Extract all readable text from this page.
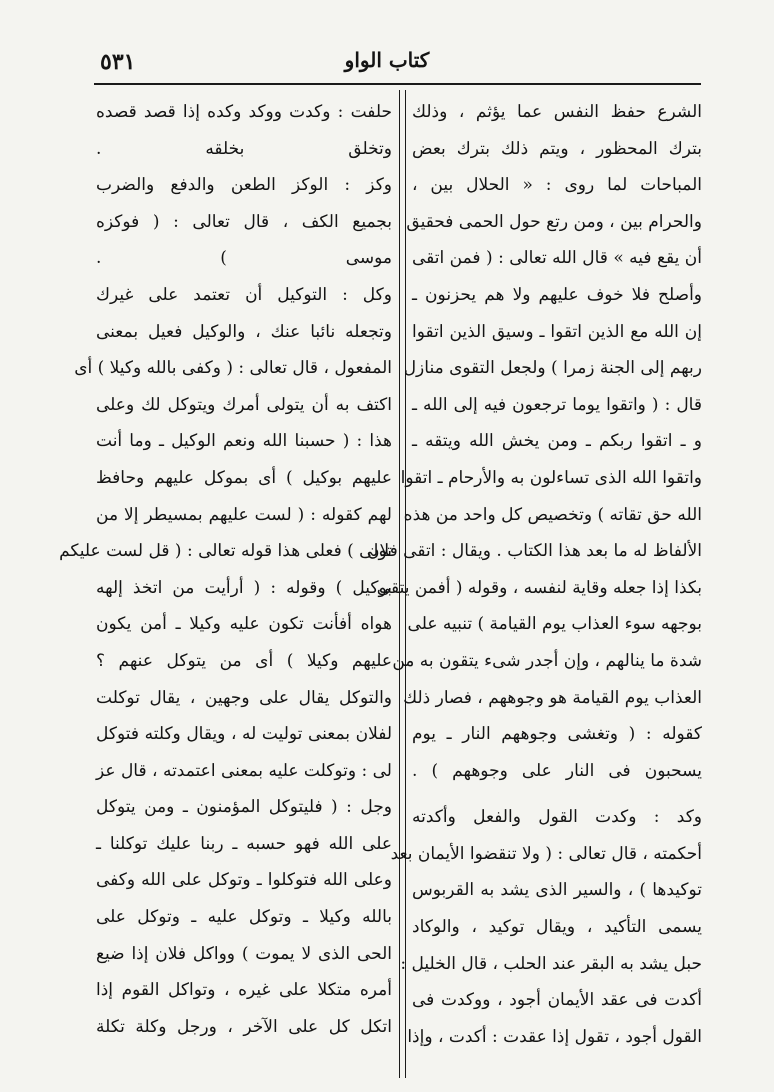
كتاب الواو
٥٣١
الشرع حفظ النفس عما يؤثم ، وذلك
بترك المحظور ، ويتم ذلك بترك بعض
المباحات لما روى : « الحلال بين ،
والحرام بين ، ومن رتع حول الحمى فحقيق
أن يقع فيه » قال الله تعالى : ( فمن اتقى
وأصلح فلا خوف عليهم ولا هم يحزنون ـ
إن الله مع الذين اتقوا ـ وسيق الذين اتقوا
ربهم إلى الجنة زمرا ) ولجعل التقوى منازل
قال : ( واتقوا يوما ترجعون فيه إلى الله ـ
و ـ اتقوا ربكم ـ ومن يخش الله ويتقه ـ
واتقوا الله الذى تساءلون به والأرحام ـ اتقوا
الله حق تقاته ) وتخصيص كل واحد من هذه
الألفاظ له ما بعد هذا الكتاب . ويقال : اتقى فلان
بكذا إذا جعله وقاية لنفسه ، وقوله ( أفمن يتقى
بوجهه سوء العذاب يوم القيامة ) تنبيه على
شدة ما ينالهم ، وإن أجدر شىء يتقون به من
العذاب يوم القيامة هو وجوههم ، فصار ذلك
كقوله : ( وتغشى وجوههم النار ـ يوم
يسحبون فى النار على وجوههم ) .
وكد : وكدت القول والفعل وأكدته
أحكمته ، قال تعالى : ( ولا تنقضوا الأيمان بعد
توكيدها ) ، والسير الذى يشد به القربوس
يسمى التأكيد ، ويقال توكيد ، والوكاد
حبل يشد به البقر عند الحلب ، قال الخليل :
أكدت فى عقد الأيمان أجود ، ووكدت فى
القول أجود ، تقول إذا عقدت : أكدت ، وإذا
حلفت : وكدت ووكد وكده إذا قصد قصده
وتخلق بخلقه .
وكز : الوكز الطعن والدفع والضرب
بجميع الكف ، قال تعالى : ( فوكزه
موسى ) .
وكل : التوكيل أن تعتمد على غيرك
وتجعله نائبا عنك ، والوكيل فعيل بمعنى
المفعول ، قال تعالى : ( وكفى بالله وكيلا ) أى
اكتف به أن يتولى أمرك ويتوكل لك وعلى
هذا : ( حسبنا الله ونعم الوكيل ـ وما أنت
عليهم بوكيل ) أى بموكل عليهم وحافظ
لهم كقوله : ( لست عليهم بمسيطر إلا من
تولى ) فعلى هذا قوله تعالى : ( قل لست عليكم
بوكيل ) وقوله : ( أرأيت من اتخذ إلهه
هواه أفأنت تكون عليه وكيلا ـ أمن يكون
عليهم وكيلا ) أى من يتوكل عنهم ؟
والتوكل يقال على وجهين ، يقال توكلت
لفلان بمعنى توليت له ، ويقال وكلته فتوكل
لى : وتوكلت عليه بمعنى اعتمدته ، قال عز
وجل : ( فليتوكل المؤمنون ـ ومن يتوكل
على الله فهو حسبه ـ ربنا عليك توكلنا ـ
وعلى الله فتوكلوا ـ وتوكل على الله وكفى
بالله وكيلا ـ وتوكل عليه ـ وتوكل على
الحى الذى لا يموت ) وواكل فلان إذا ضيع
أمره متكلا على غيره ، وتواكل القوم إذا
اتكل كل على الآخر ، ورجل وكلة تكلة
